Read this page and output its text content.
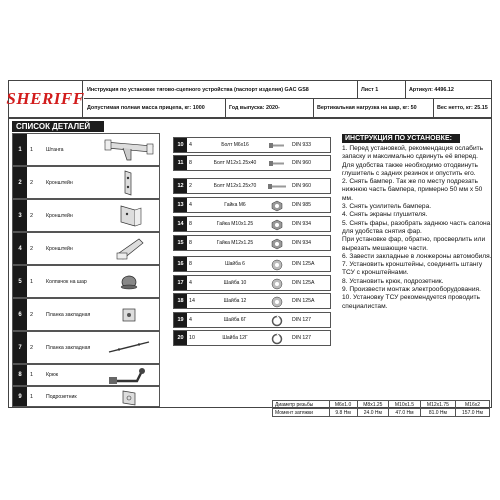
SHERIFF Инструкция по установке тягово-сцепного устройства (паспорт изделия) GAC GS8	Лист 1	Артикул: 4496.12
Допустимая полная масса прицепа, кг: 1000	Год выпуска: 2020-	Вертикальная нагрузка на шар, кг: 50	Вес нетто, кг: 25.15
СПИСОК ДЕТАЛЕЙ
1	1 Штанга
2	2 Кронштейн
3	2 Кронштейн
4	2 Кронштейн
5	1 Колпачок на шар
6	2 Планка закладная
7	2 Планка закладная
8	1 Крюк
9	1 Подрозетник
10	4	Болт М6х16	DIN 933
11	8	Болт М12х1.25х40	DIN 960
12	2	Болт М12х1.25х70	DIN 960
13	4	Гайка М6	DIN 985
14	8	Гайка М10х1.25	DIN 934
15	8	Гайка М12х1.25	DIN 934
16	8	Шайба 6	DIN 125A
17	4	Шайба 10	DIN 125A
18	14	Шайба 12	DIN 125A
19	4	Шайба 6Г	DIN 127
20	10	Шайба 12Г	DIN 127
ИНСТРУКЦИЯ ПО УСТАНОВКЕ:
1. Перед установкой, рекомендация ослабить запаску и максимально сдвинуть её вперед.
Для удобства также необходимо отодвинуть глушитель с задних резинок и опустить его.
2. Снять бампер. Так же по месту подрезать нижнюю часть бампера, примерно 50 мм х 50 мм.
3. Снять усилитель бампера.
4. Снять экраны глушителя.
5. Снять фары, разобрать заднюю часть салона для удобства снятия фар.
При установке фар, обратно, просверлить или вырезать мешающие части.
6. Завести закладные в лонжероны автомобиля.
7. Установить кронштейны, соединить штангу ТСУ с кронштейнами.
8. Установить крюк, подрозетник.
9. Произвести монтаж электрооборудования.
10. Установку ТСУ рекомендуется проводить специалистам.
Диаметр резьбы	М6х1.0	М8х1.25	М10х1.5	М12х1.75	М16х2
Момент затяжки	9.8 Нм	24.0 Нм	47.0 Нм	81.0 Нм	157.0 Нм
